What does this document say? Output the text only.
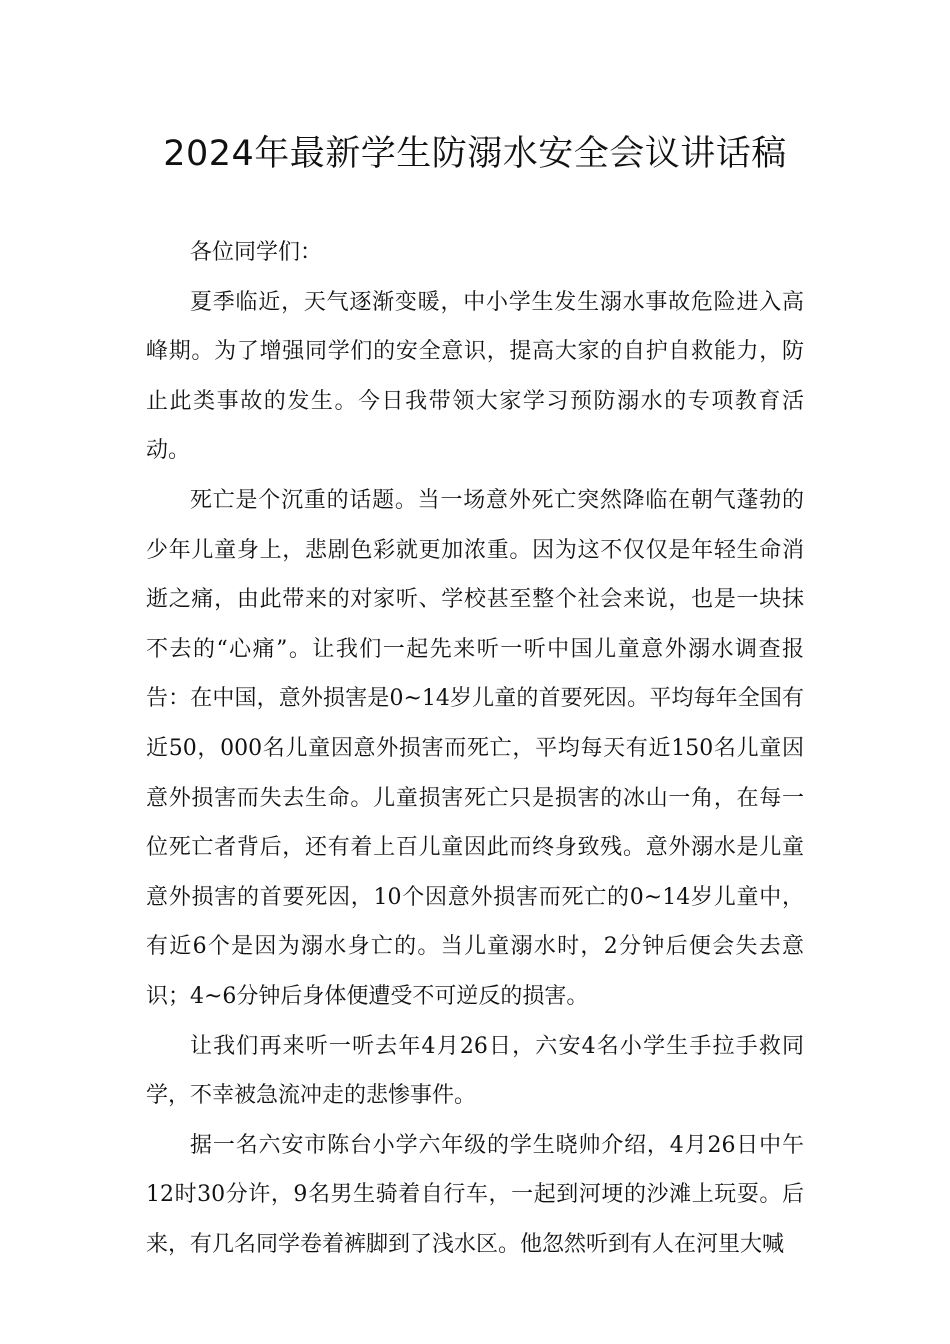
2024年最新学生防溺水安全会议讲话稿

各位同学们：

夏季临近，天气逐渐变暖，中小学生发生溺水事故危险进入高峰期。为了增强同学们的安全意识，提高大家的自护自救能力，防止此类事故的发生。今日我带领大家学习预防溺水的专项教育活动。

死亡是个沉重的话题。当一场意外死亡突然降临在朝气蓬勃的少年儿童身上，悲剧色彩就更加浓重。因为这不仅仅是年轻生命消逝之痛，由此带来的对家听、学校甚至整个社会来说，也是一块抹不去的“心痛”。让我们一起先来听一听中国儿童意外溺水调查报告：在中国，意外损害是0~14岁儿童的首要死因。平均每年全国有近50，000名儿童因意外损害而死亡，平均每天有近150名儿童因意外损害而失去生命。儿童损害死亡只是损害的冰山一角，在每一位死亡者背后，还有着上百儿童因此而终身致残。意外溺水是儿童意外损害的首要死因，10个因意外损害而死亡的0~14岁儿童中，有近6个是因为溺水身亡的。当儿童溺水时，2分钟后便会失去意识；4~6分钟后身体便遭受不可逆反的损害。

让我们再来听一听去年4月26日，六安4名小学生手拉手救同学，不幸被急流冲走的悲惨事件。

据一名六安市陈台小学六年级的学生晓帅介绍，4月26日中午12时30分许，9名男生骑着自行车，一起到河埂的沙滩上玩耍。后来，有几名同学卷着裤脚到了浅水区。他忽然听到有人在河里大喊
